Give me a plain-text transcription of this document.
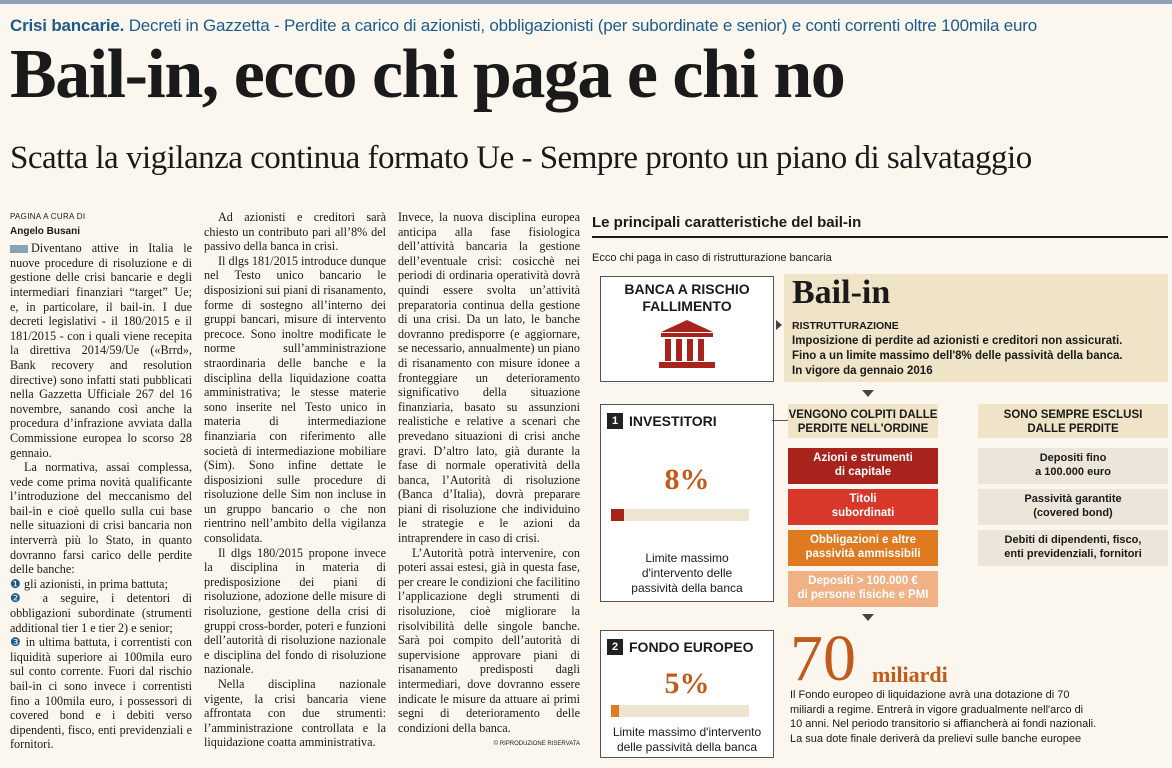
Crisi bancarie. Decreti in Gazzetta - Perdite a carico di azionisti, obbligazionisti (per subordinate e senior) e conti correnti oltre 100mila euro
Bail-in, ecco chi paga e chi no
Scatta la vigilanza continua formato Ue - Sempre pronto un piano di salvataggio
PAGINA A CURA DI
Angelo Busani

Diventano attive in Italia le nuove procedure di risoluzione e di gestione delle crisi bancarie e degli intermediari finanziari “target” Ue; e, in particolare, il bail-in. I due decreti legislativi - il 180/2015 e il 181/2015 - con i quali viene recepita la direttiva 2014/59/Ue («Brrd», Bank recovery and resolution directive) sono infatti stati pubblicati nella Gazzetta Ufficiale 267 del 16 novembre, sanando così anche la procedura d’infrazione avviata dalla Commissione europea lo scorso 28 gennaio.

La normativa, assai complessa, vede come prima novità qualificante l’introduzione del meccanismo del bail-in e cioè quello sulla cui base nelle situazioni di crisi bancaria non interverrà più lo Stato, in quanto dovranno farsi carico delle perdite delle banche:

❶ gli azionisti, in prima battuta;

❷ a seguire, i detentori di obbligazioni subordinate (strumenti additional tier 1 e tier 2) e senior;

❸ in ultima battuta, i correntisti con liquidità superiore ai 100mila euro sul conto corrente. Fuori dal rischio bail-in ci sono invece i correntisti fino a 100mila euro, i possessori di covered bond e i debiti verso dipendenti, fisco, enti previdenziali e fornitori.

Ad azionisti e creditori sarà chiesto un contributo pari all’8% del passivo della banca in crisi.

Il dlgs 181/2015 introduce dunque nel Testo unico bancario le disposizioni sui piani di risanamento, forme di sostegno all’interno dei gruppi bancari, misure di intervento precoce. Sono inoltre modificate le norme sull’amministrazione straordinaria delle banche e la disciplina della liquidazione coatta amministrativa; le stesse materie sono inserite nel Testo unico in materia di intermediazione finanziaria con riferimento alle società di intermediazione mobiliare (Sim). Sono infine dettate le disposizioni sulle procedure di risoluzione delle Sim non incluse in un gruppo bancario o che non rientrino nell’ambito della vigilanza consolidata.

Il dlgs 180/2015 propone invece la disciplina in materia di predisposizione dei piani di risoluzione, adozione delle misure di risoluzione, gestione della crisi di gruppi cross-border, poteri e funzioni dell’autorità di risoluzione nazionale e disciplina del fondo di risoluzione nazionale.

Nella disciplina nazionale vigente, la crisi bancaria viene affrontata con due strumenti: l’amministrazione controllata e la liquidazione coatta amministrativa.

Invece, la nuova disciplina europea anticipa alla fase fisiologica dell’attività bancaria la gestione dell’eventuale crisi: cosicchè nei periodi di ordinaria operatività dovrà quindi essere svolta un’attività preparatoria continua della gestione di una crisi. Da un lato, le banche dovranno predisporre (e aggiornare, se necessario, annualmente) un piano di risanamento con misure idonee a fronteggiare un deterioramento significativo della situazione finanziaria, basato su assunzioni realistiche e relative a scenari che prevedano situazioni di crisi anche gravi. D’altro lato, già durante la fase di normale operatività della banca, l’Autorità di risoluzione (Banca d’Italia), dovrà preparare piani di risoluzione che individuino le strategie e le azioni da intraprendere in caso di crisi.

L’Autorità potrà intervenire, con poteri assai estesi, già in questa fase, per creare le condizioni che facilitino l’applicazione degli strumenti di risoluzione, cioè migliorare la risolvibilità delle singole banche. Sarà poi compito dell’autorità di supervisione approvare piani di risanamento predisposti dagli intermediari, dove dovranno essere indicate le misure da attuare ai primi segni di deterioramento delle condizioni della banca.

© RIPRODUZIONE RISERVATA
Le principali caratteristiche del bail-in
Ecco chi paga in caso di ristrutturazione bancaria
BANCA A RISCHIO
FALLIMENTO	Bail-in
RISTRUTTURAZIONE
Imposizione di perdite ad azionisti e creditori non assicurati.
Fino a un limite massimo dell'8% delle passività della banca.
In vigore da gennaio 2016
1 INVESTITORI
8%
Limite massimo
d'intervento delle
passività della banca
VENGONO COLPITI DALLE
PERDITE NELL'ORDINE
SONO SEMPRE ESCLUSI
DALLE PERDITE
Azioni e strumenti
di capitale
Titoli
subordinati
Obbligazioni e altre
passività ammissibili
Depositi > 100.000 €
di persone fisiche e PMI
Depositi fino
a 100.000 euro
Passività garantite
(covered bond)
Debiti di dipendenti, fisco,
enti previdenziali, fornitori
2 FONDO EUROPEO
5%
Limite massimo d'intervento
delle passività della banca
70 miliardi
Il Fondo europeo di liquidazione avrà una dotazione di 70
miliardi a regime. Entrerà in vigore gradualmente nell'arco di
10 anni. Nel periodo transitorio si affiancherà ai fondi nazionali.
La sua dote finale deriverà da prelievi sulle banche europee
